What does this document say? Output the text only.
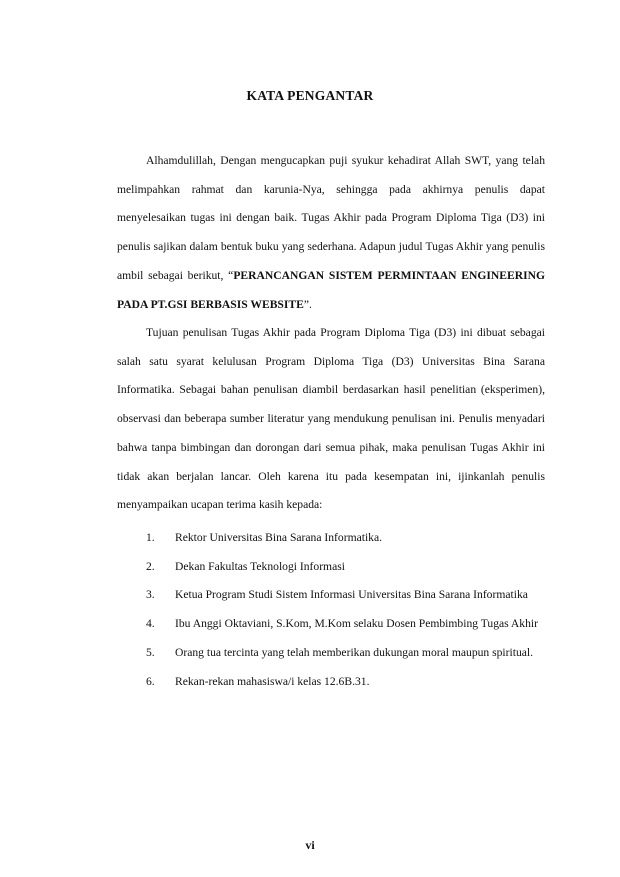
KATA PENGANTAR

Alhamdulillah, Dengan mengucapkan puji syukur kehadirat Allah SWT, yang telah melimpahkan rahmat dan karunia-Nya, sehingga pada akhirnya penulis dapat menyelesaikan tugas ini dengan baik. Tugas Akhir pada Program Diploma Tiga (D3) ini penulis sajikan dalam bentuk buku yang sederhana. Adapun judul Tugas Akhir yang penulis ambil sebagai berikut, “PERANCANGAN SISTEM PERMINTAAN ENGINEERING PADA PT.GSI BERBASIS WEBSITE”.

Tujuan penulisan Tugas Akhir pada Program Diploma Tiga (D3) ini dibuat sebagai salah satu syarat kelulusan Program Diploma Tiga (D3) Universitas Bina Sarana Informatika. Sebagai bahan penulisan diambil berdasarkan hasil penelitian (eksperimen), observasi dan beberapa sumber literatur yang mendukung penulisan ini. Penulis menyadari bahwa tanpa bimbingan dan dorongan dari semua pihak, maka penulisan Tugas Akhir ini tidak akan berjalan lancar. Oleh karena itu pada kesempatan ini, ijinkanlah penulis menyampaikan ucapan terima kasih kepada:

1. Rektor Universitas Bina Sarana Informatika.
2. Dekan Fakultas Teknologi Informasi
3. Ketua Program Studi Sistem Informasi Universitas Bina Sarana Informatika
4. Ibu Anggi Oktaviani, S.Kom, M.Kom selaku Dosen Pembimbing Tugas Akhir
5. Orang tua tercinta yang telah memberikan dukungan moral maupun spiritual.
6. Rekan-rekan mahasiswa/i kelas 12.6B.31.
vi
